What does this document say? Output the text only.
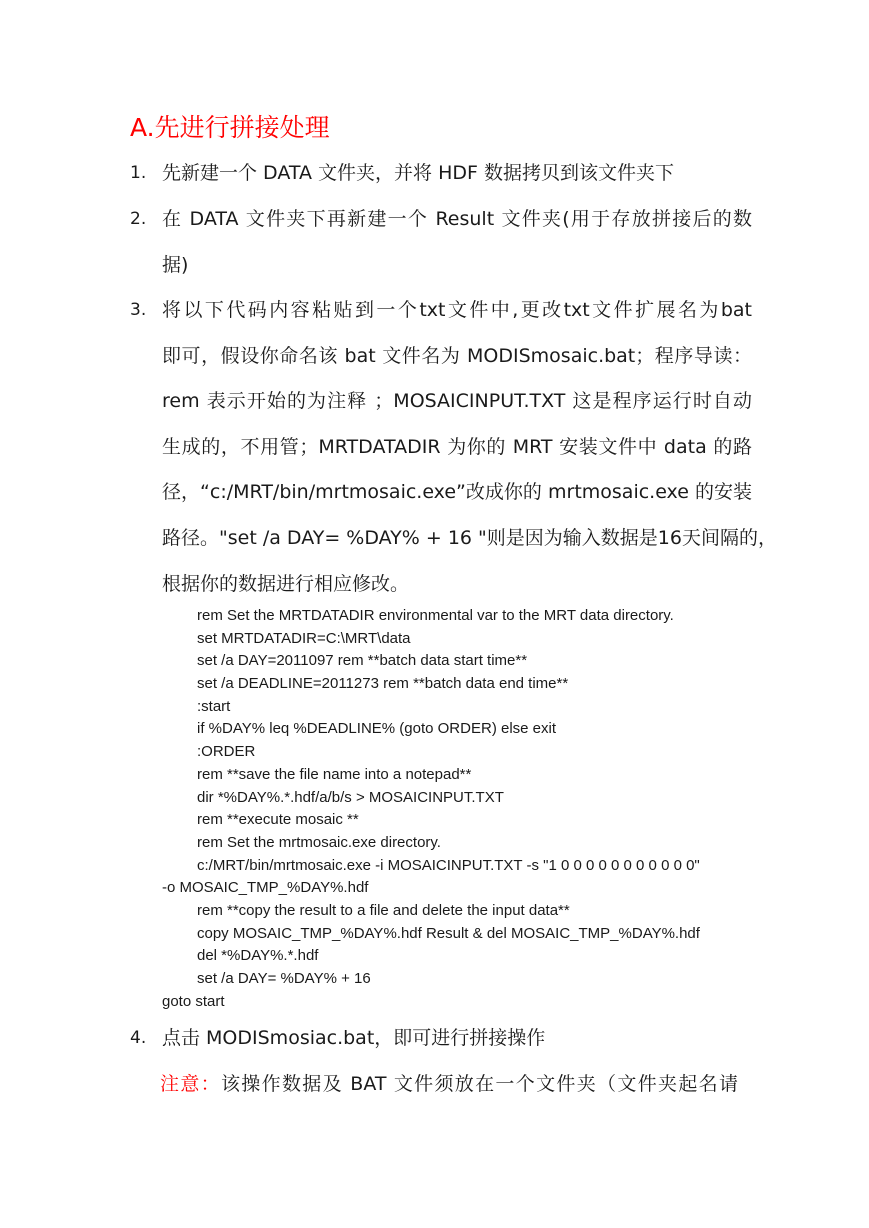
A.先进行拼接处理
1. 先新建一个 DATA 文件夹，并将 HDF 数据拷贝到该文件夹下
2. 在 DATA 文件夹下再新建一个 Result 文件夹(用于存放拼接后的数
据)
3. 将以下代码内容粘贴到一个txt文件中,更改txt文件扩展名为bat
即可，假设你命名该 bat 文件名为 MODISmosaic.bat；程序导读：
rem 表示开始的为注释 ；MOSAICINPUT.TXT 这是程序运行时自动
生成的，不用管；MRTDATADIR 为你的 MRT 安装文件中 data 的路
径，“c:/MRT/bin/mrtmosaic.exe”改成你的 mrtmosaic.exe 的安装
路径。"set /a DAY= %DAY% + 16 "则是因为输入数据是16天间隔的，
根据你的数据进行相应修改。
rem Set the MRTDATADIR environmental var to the MRT data directory.
set MRTDATADIR=C:\MRT\data
set /a DAY=2011097 rem **batch data start time**
set /a DEADLINE=2011273 rem **batch data end time**
:start
if %DAY% leq %DEADLINE% (goto ORDER) else exit
:ORDER
rem **save the file name into a notepad**
dir *%DAY%.*.hdf/a/b/s > MOSAICINPUT.TXT
rem **execute mosaic **
rem Set the mrtmosaic.exe directory.
c:/MRT/bin/mrtmosaic.exe -i MOSAICINPUT.TXT -s "1 0 0 0 0 0 0 0 0 0 0 0"
-o MOSAIC_TMP_%DAY%.hdf
rem **copy the result to a file and delete the input data**
copy MOSAIC_TMP_%DAY%.hdf Result & del MOSAIC_TMP_%DAY%.hdf
del *%DAY%.*.hdf
set /a DAY= %DAY% + 16
goto start
4. 点击 MODISmosiac.bat，即可进行拼接操作
注意：该操作数据及 BAT 文件须放在一个文件夹（文件夹起名请
